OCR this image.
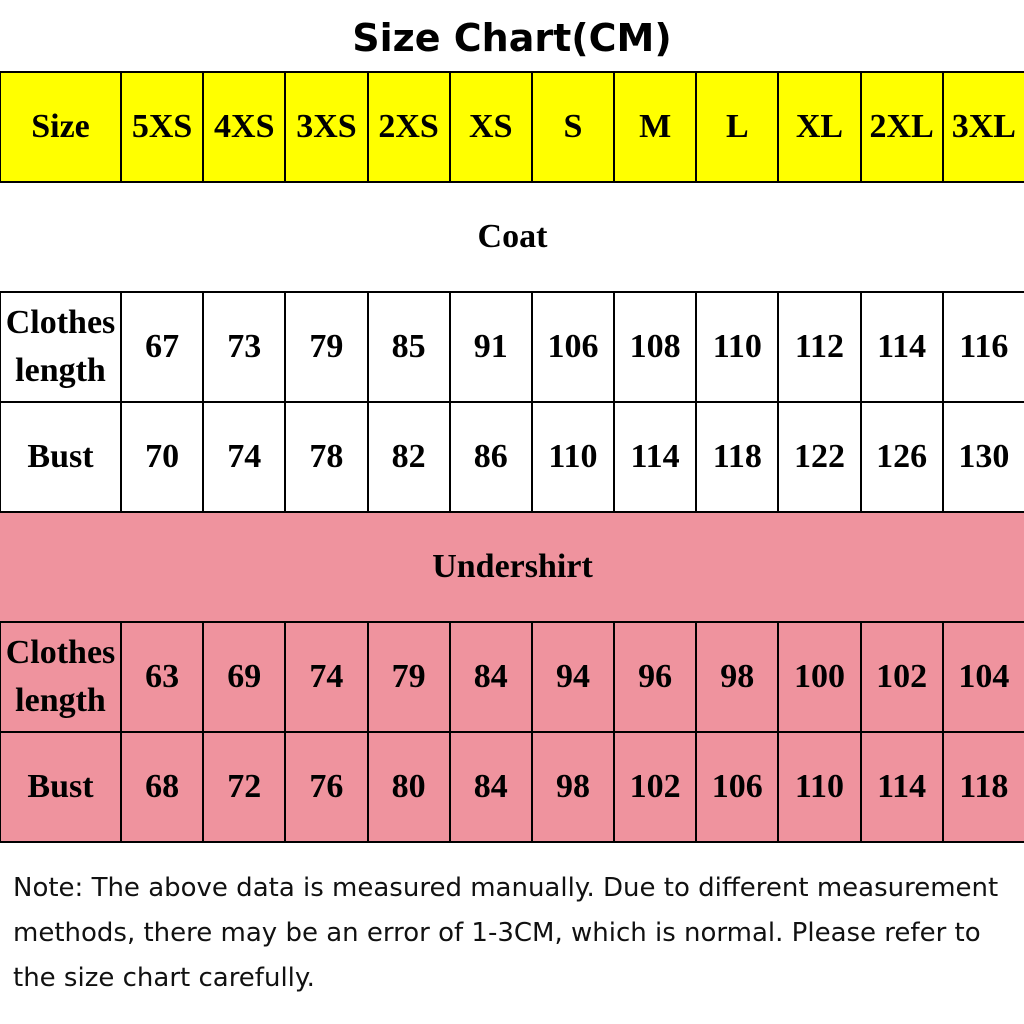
Size Chart(CM)
Size	5XS	4XS	3XS	2XS	XS	S	M	L	XL	2XL	3XL
Coat											
Clothes length	67	73	79	85	91	106	108	110	112	114	116
Bust	70	74	78	82	86	110	114	118	122	126	130
Undershirt											
Clothes length	63	69	74	79	84	94	96	98	100	102	104
Bust	68	72	76	80	84	98	102	106	110	114	118
Note: The above data is measured manually. Due to different measurement methods, there may be an error of 1-3CM, which is normal. Please refer to the size chart carefully.
